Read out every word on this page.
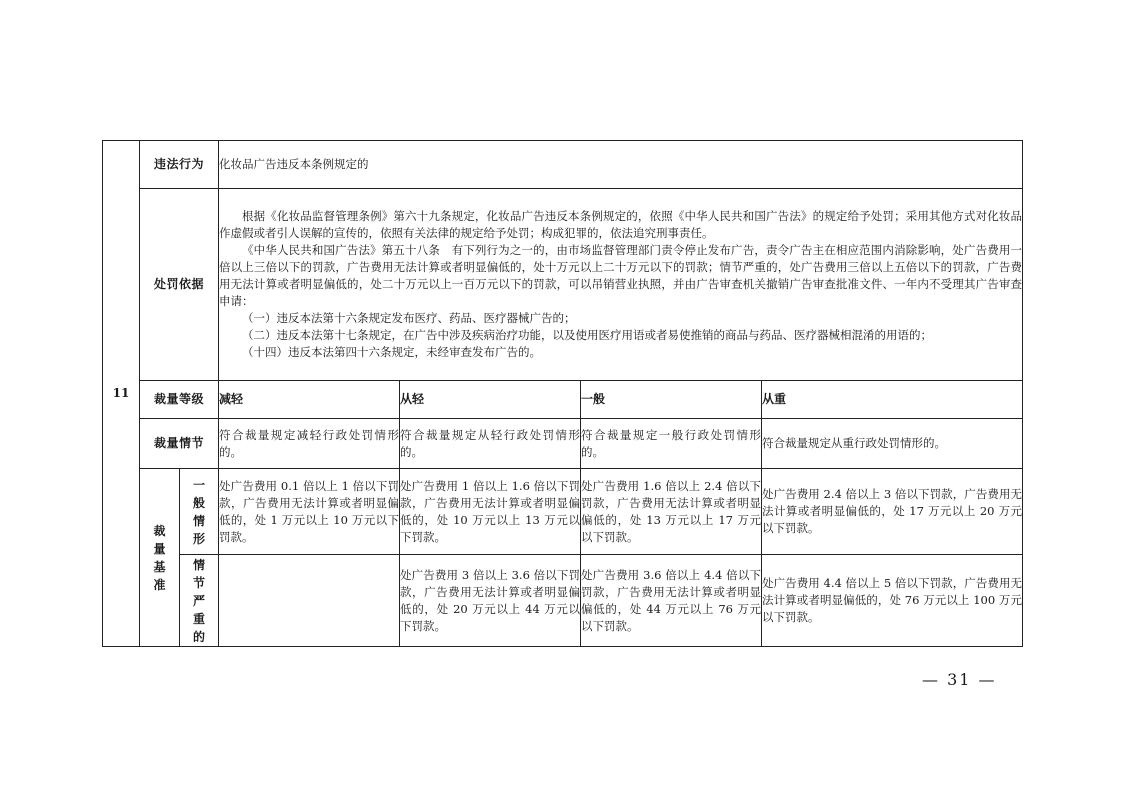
11	违法行为		化妆品广告违反本条例规定的			
	处罚依据		根据《化妆品监督管理条例》第六十九条规定，化妆品广告违反本条例规定的，依照《中华人民共和国广告法》的规定给予处罚；采用其他方式对化妆品作虚假或者引人误解的宣传的，依照有关法律的规定给予处罚；构成犯罪的，依法追究刑事责任。
《中华人民共和国广告法》第五十八条　有下列行为之一的，由市场监督管理部门责令停止发布广告，责令广告主在相应范围内消除影响，处广告费用一倍以上三倍以下的罚款，广告费用无法计算或者明显偏低的，处十万元以上二十万元以下的罚款；情节严重的，处广告费用三倍以上五倍以下的罚款，广告费用无法计算或者明显偏低的，处二十万元以上一百万元以下的罚款，可以吊销营业执照，并由广告审查机关撤销广告审查批准文件、一年内不受理其广告审查申请：
（一）违反本法第十六条规定发布医疗、药品、医疗器械广告的；
（二）违反本法第十七条规定，在广告中涉及疾病治疗功能，以及使用医疗用语或者易使推销的商品与药品、医疗器械相混淆的用语的；
（十四）违反本法第四十六条规定，未经审查发布广告的。			

	裁量等级		减轻	从轻	一般	从重
	裁量情节		符合裁量规定减轻行政处罚情形的。	符合裁量规定从轻行政处罚情形的。	符合裁量规定一般行政处罚情形的。	符合裁量规定从重行政处罚情形的。

	裁量基准	一般情形	处广告费用 0.1 倍以上 1 倍以下罚款，广告费用无法计算或者明显偏低的，处 1 万元以上 10 万元以下罚款。	处广告费用 1 倍以上 1.6 倍以下罚款，广告费用无法计算或者明显偏低的，处 10 万元以上 13 万元以下罚款。	处广告费用 1.6 倍以上 2.4 倍以下罚款，广告费用无法计算或者明显偏低的，处 13 万元以上 17 万元以下罚款。	处广告费用 2.4 倍以上 3 倍以下罚款，广告费用无法计算或者明显偏低的，处 17 万元以上 20 万元以下罚款。

		情节严重的		处广告费用 3 倍以上 3.6 倍以下罚款，广告费用无法计算或者明显偏低的，处 20 万元以上 44 万元以下罚款。	处广告费用 3.6 倍以上 4.4 倍以下罚款，广告费用无法计算或者明显偏低的，处 44 万元以上 76 万元以下罚款。	处广告费用 4.4 倍以上 5 倍以下罚款，广告费用无法计算或者明显偏低的，处 76 万元以上 100 万元以下罚款。
— 31 —
